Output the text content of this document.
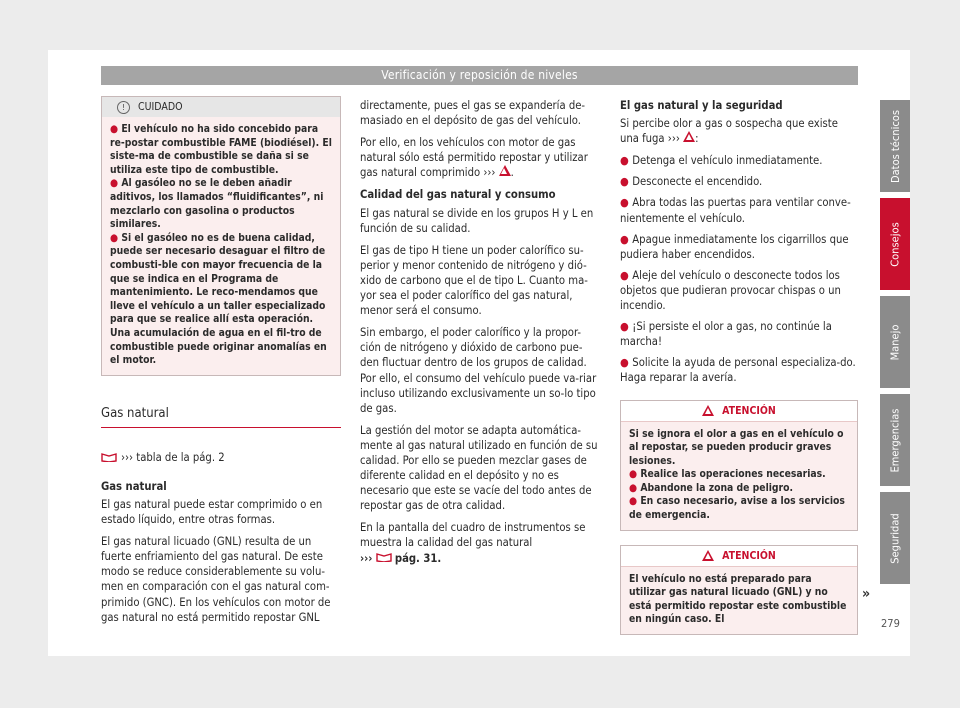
Verificación y reposición de niveles
!	CUIDADO

● El vehículo no ha sido concebido para re-postar combustible FAME (biodiésel). El siste-ma de combustible se daña si se utiliza este tipo de combustible.

● Al gasóleo no se le deben añadir aditivos, los llamados “fluidificantes”, ni mezclarlo con gasolina o productos similares.

● Si el gasóleo no es de buena calidad, puede ser necesario desaguar el filtro de combusti-ble con mayor frecuencia de la que se indica en el Programa de mantenimiento. Le reco-mendamos que lleve el vehículo a un taller especializado para que se realice allí esta operación. Una acumulación de agua en el fil-tro de combustible puede originar anomalías en el motor.

Gas natural
››› tabla de la pág. 2

Gas natural

El gas natural puede estar comprimido o en estado líquido, entre otras formas.

El gas natural licuado (GNL) resulta de un fuerte enfriamiento del gas natural. De este modo se reduce considerablemente su volu-men en comparación con el gas natural com-primido (GNC). En los vehículos con motor de gas natural no está permitido repostar GNL

directamente, pues el gas se expandería de-masiado en el depósito de gas del vehículo.

Por ello, en los vehículos con motor de gas natural sólo está permitido repostar y utilizar gas natural comprimido ››› .

Calidad del gas natural y consumo

El gas natural se divide en los grupos H y L en función de su calidad.

El gas de tipo H tiene un poder calorífico su-perior y menor contenido de nitrógeno y dió-xido de carbono que el de tipo L. Cuanto ma-yor sea el poder calorífico del gas natural, menor será el consumo.

Sin embargo, el poder calorífico y la propor-ción de nitrógeno y dióxido de carbono pue-den fluctuar dentro de los grupos de calidad. Por ello, el consumo del vehículo puede va-riar incluso utilizando exclusivamente un so-lo tipo de gas.

La gestión del motor se adapta automática-mente al gas natural utilizado en función de su calidad. Por ello se pueden mezclar gases de diferente calidad en el depósito y no es necesario que este se vacíe del todo antes de repostar gas de otra calidad.

En la pantalla del cuadro de instrumentos se muestra la calidad del gas natural
››› pág. 31.

El gas natural y la seguridad

Si percibe olor a gas o sospecha que existe una fuga ››› :

● Detenga el vehículo inmediatamente.

● Desconecte el encendido.

● Abra todas las puertas para ventilar conve-nientemente el vehículo.

● Apague inmediatamente los cigarrillos que pudiera haber encendidos.

● Aleje del vehículo o desconecte todos los objetos que pudieran provocar chispas o un incendio.

● ¡Si persiste el olor a gas, no continúe la marcha!

● Solicite la ayuda de personal especializa-do. Haga reparar la avería.

ATENCIÓN

Si se ignora el olor a gas en el vehículo o al repostar, se pueden producir graves lesiones.

● Realice las operaciones necesarias.

● Abandone la zona de peligro.

● En caso necesario, avise a los servicios de emergencia.

ATENCIÓN

El vehículo no está preparado para utilizar gas natural licuado (GNL) y no está permitido repostar este combustible en ningún caso. El

»
Datos técnicos
Consejos
Manejo
Emergencias
Seguridad
279
